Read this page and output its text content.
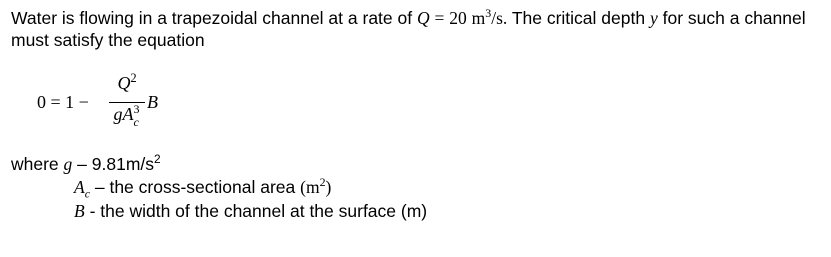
Water is flowing in a trapezoidal channel at a rate of Q = 20 $m^3/s$. The critical depth y for such a channel must satisfy the equation

0 = 1 −
$Q^2$
gA 3
c
B
where g – $9.81m/s^2$
$A_c$ – the cross-sectional area $(m^2)$
B - the width of the channel at the surface (m)
